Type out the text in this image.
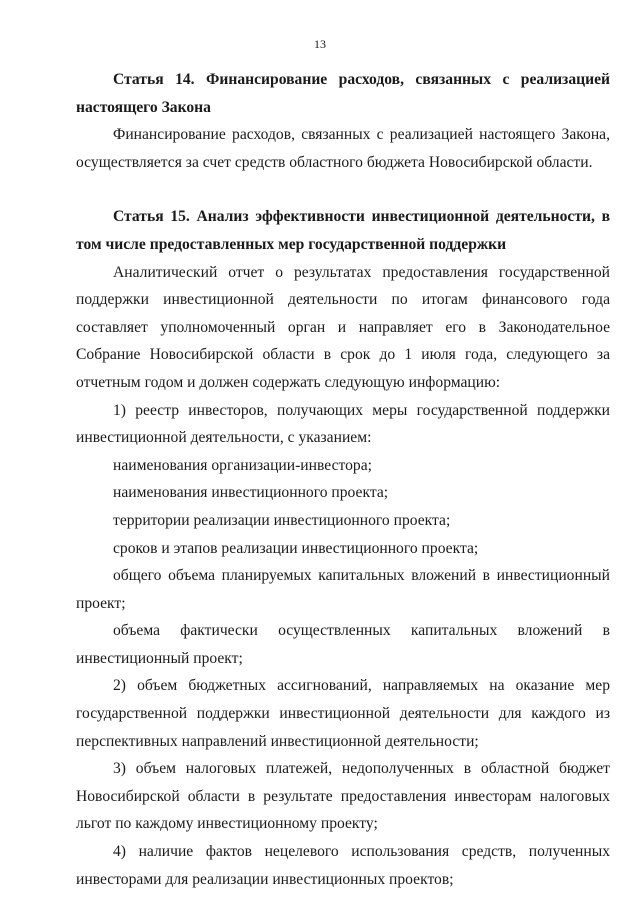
13

Статья 14. Финансирование расходов, связанных с реализацией настоящего Закона

Финансирование расходов, связанных с реализацией настоящего Закона, осуществляется за счет средств областного бюджета Новосибирской области.

Статья 15. Анализ эффективности инвестиционной деятельности, в том числе предоставленных мер государственной поддержки

Аналитический отчет о результатах предоставления государственной поддержки инвестиционной деятельности по итогам финансового года составляет уполномоченный орган и направляет его в Законодательное Собрание Новосибирской области в срок до 1 июля года, следующего за отчетным годом и должен содержать следующую информацию:

1) реестр инвесторов, получающих меры государственной поддержки инвестиционной деятельности, с указанием:

наименования организации-инвестора;

наименования инвестиционного проекта;

территории реализации инвестиционного проекта;

сроков и этапов реализации инвестиционного проекта;

общего объема планируемых капитальных вложений в инвестиционный проект;

объема фактически осуществленных капитальных вложений в инвестиционный проект;

2) объем бюджетных ассигнований, направляемых на оказание мер государственной поддержки инвестиционной деятельности для каждого из перспективных направлений инвестиционной деятельности;

3) объем налоговых платежей, недополученных в областной бюджет Новосибирской области в результате предоставления инвесторам налоговых льгот по каждому инвестиционному проекту;

4) наличие фактов нецелевого использования средств, полученных инвесторами для реализации инвестиционных проектов;
